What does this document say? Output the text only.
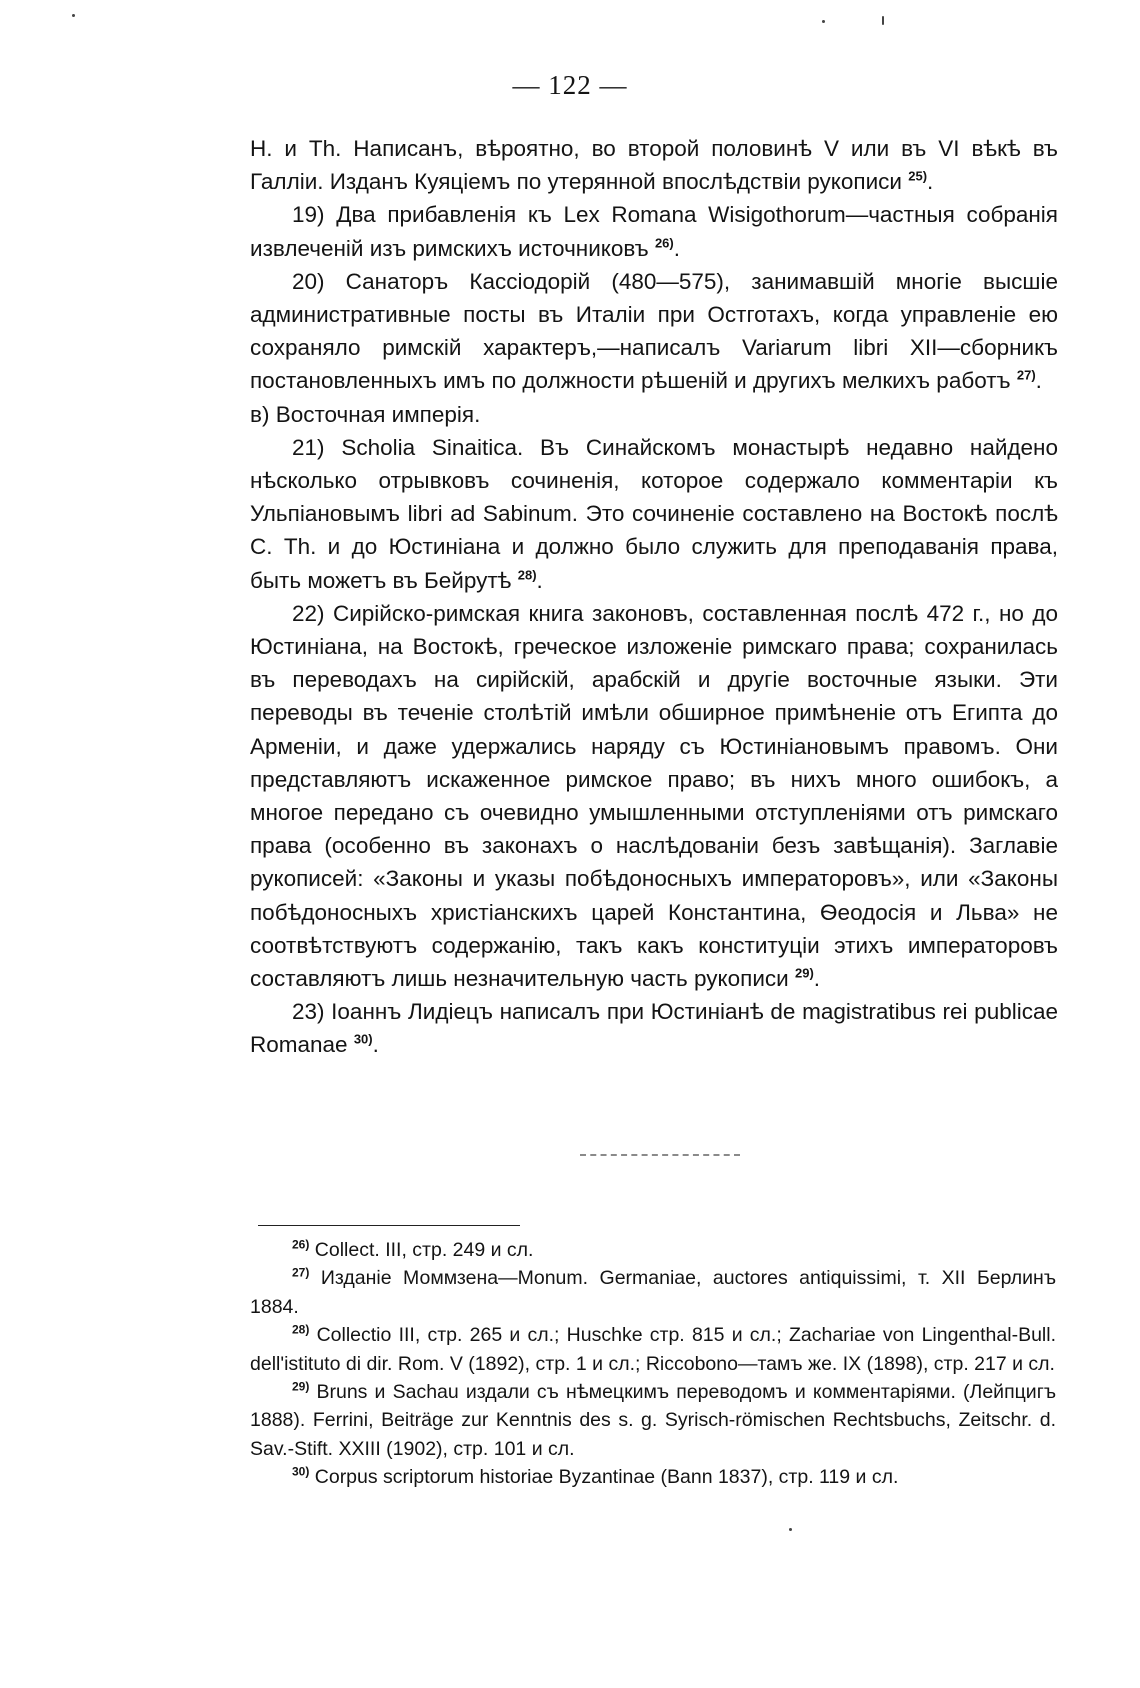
— 122 —

Н. и Th. Написанъ, вѣроятно, во второй половинѣ V или въ VI вѣкѣ въ Галліи. Изданъ Куяціемъ по утерянной впослѣдствіи рукописи $^{25)}$.

19) Два прибавленія къ Lex Romana Wisigothorum—частныя собранія извлеченій изъ римскихъ источниковъ $^{26)}$.

20) Санаторъ Кассіодорій (480—575), занимавшій многіе высшіе административные посты въ Италіи при Остготахъ, когда управленіе ею сохраняло римскій характеръ,—написалъ Variarum libri XII—сборникъ постановленныхъ имъ по должности рѣшеній и другихъ мелкихъ работъ $^{27)}$.

в) Восточная имперія.

21) Scholia Sinaitica. Въ Синайскомъ монастырѣ недавно найдено нѣсколько отрывковъ сочиненія, которое содержало комментаріи къ Ульпіановымъ libri ad Sabinum. Это сочиненіе составлено на Востокѣ послѣ С. Th. и до Юстиніана и должно было служить для преподаванія права, быть можетъ въ Бейрутѣ $^{28)}$.

22) Сирійско-римская книга законовъ, составленная послѣ 472 г., но до Юстиніана, на Востокѣ, греческое изложеніе римскаго права; сохранилась въ переводахъ на сирійскій, арабскій и другіе восточные языки. Эти переводы въ теченіе столѣтій имѣли обширное примѣненіе отъ Египта до Арменіи, и даже удержались наряду съ Юстиніановымъ правомъ. Они представляютъ искаженное римское право; въ нихъ много ошибокъ, а многое передано съ очевидно умышленными отступленіями отъ римскаго права (особенно въ законахъ о наслѣдованіи безъ завѣщанія). Заглавіе рукописей: «Законы и указы побѣдоносныхъ императоровъ», или «Законы побѣдоносныхъ христіанскихъ царей Константина, Ѳеодосія и Льва» не соотвѣтствуютъ содержанію, такъ какъ конституціи этихъ императоровъ составляютъ лишь незначительную часть рукописи $^{29)}$.

23) Іоаннъ Лидіецъ написалъ при Юстиніанѣ de magistratibus rei publicae Romanae $^{30)}$.

$^{26)}$ Collect. III, стр. 249 и сл.

$^{27)}$ Изданіе Моммзена—Monum. Germaniae, auctores antiquissimi, т. XII Берлинъ 1884.

$^{28)}$ Collectio III, стр. 265 и сл.; Huschke стр. 815 и сл.; Zachariae von Lingenthal-Bull. dell'istituto di dir. Rom. V (1892), стр. 1 и сл.; Riccobono—тамъ же. IX (1898), стр. 217 и сл.

$^{29)}$ Bruns и Sachau издали съ нѣмецкимъ переводомъ и комментаріями. (Лейпцигъ 1888). Ferrini, Beiträge zur Kenntnis des s. g. Syrisch-römischen Rechtsbuchs, Zeitschr. d. Sav.-Stift. XXIII (1902), стр. 101 и сл.

$^{30)}$ Corpus scriptorum historiae Byzantinae (Bann 1837), стр. 119 и сл.
